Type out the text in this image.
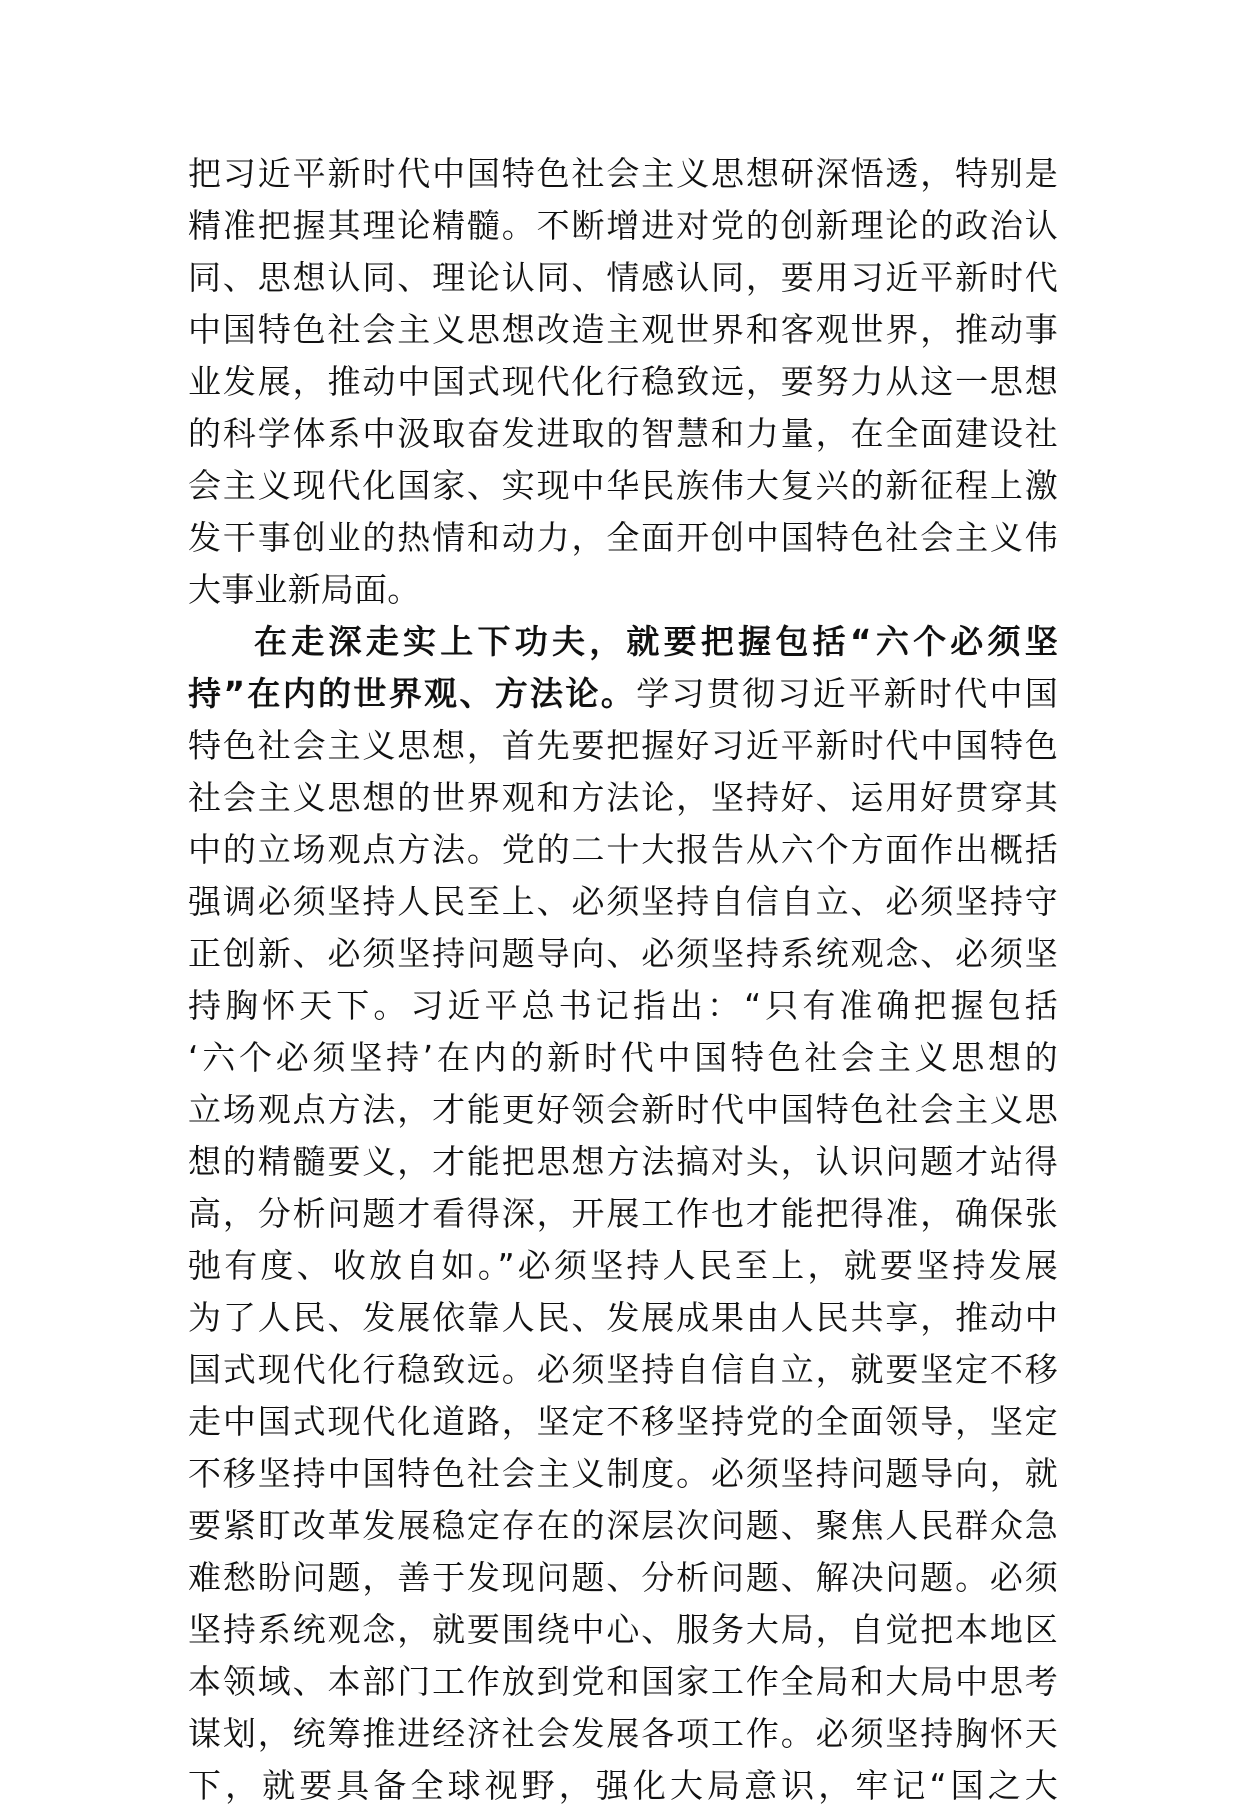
把习近平新时代中国特色社会主义思想研深悟透，特别是
精准把握其理论精髓。不断增进对党的创新理论的政治认
同、思想认同、理论认同、情感认同，要用习近平新时代
中国特色社会主义思想改造主观世界和客观世界，推动事
业发展，推动中国式现代化行稳致远，要努力从这一思想
的科学体系中汲取奋发进取的智慧和力量，在全面建设社
会主义现代化国家、实现中华民族伟大复兴的新征程上激
发干事创业的热情和动力，全面开创中国特色社会主义伟
大事业新局面。
在走深走实上下功夫，就要把握包括“六个必须坚
持”在内的世界观、方法论。学习贯彻习近平新时代中国
特色社会主义思想，首先要把握好习近平新时代中国特色
社会主义思想的世界观和方法论，坚持好、运用好贯穿其
中的立场观点方法。党的二十大报告从六个方面作出概括
强调必须坚持人民至上、必须坚持自信自立、必须坚持守
正创新、必须坚持问题导向、必须坚持系统观念、必须坚
持胸怀天下。习近平总书记指出：“只有准确把握包括
‘六个必须坚持’在内的新时代中国特色社会主义思想的
立场观点方法，才能更好领会新时代中国特色社会主义思
想的精髓要义，才能把思想方法搞对头，认识问题才站得
高，分析问题才看得深，开展工作也才能把得准，确保张
弛有度、收放自如。”必须坚持人民至上，就要坚持发展
为了人民、发展依靠人民、发展成果由人民共享，推动中
国式现代化行稳致远。必须坚持自信自立，就要坚定不移
走中国式现代化道路，坚定不移坚持党的全面领导，坚定
不移坚持中国特色社会主义制度。必须坚持问题导向，就
要紧盯改革发展稳定存在的深层次问题、聚焦人民群众急
难愁盼问题，善于发现问题、分析问题、解决问题。必须
坚持系统观念，就要围绕中心、服务大局，自觉把本地区
本领域、本部门工作放到党和国家工作全局和大局中思考
谋划，统筹推进经济社会发展各项工作。必须坚持胸怀天
下，就要具备全球视野，强化大局意识，牢记“国之大
